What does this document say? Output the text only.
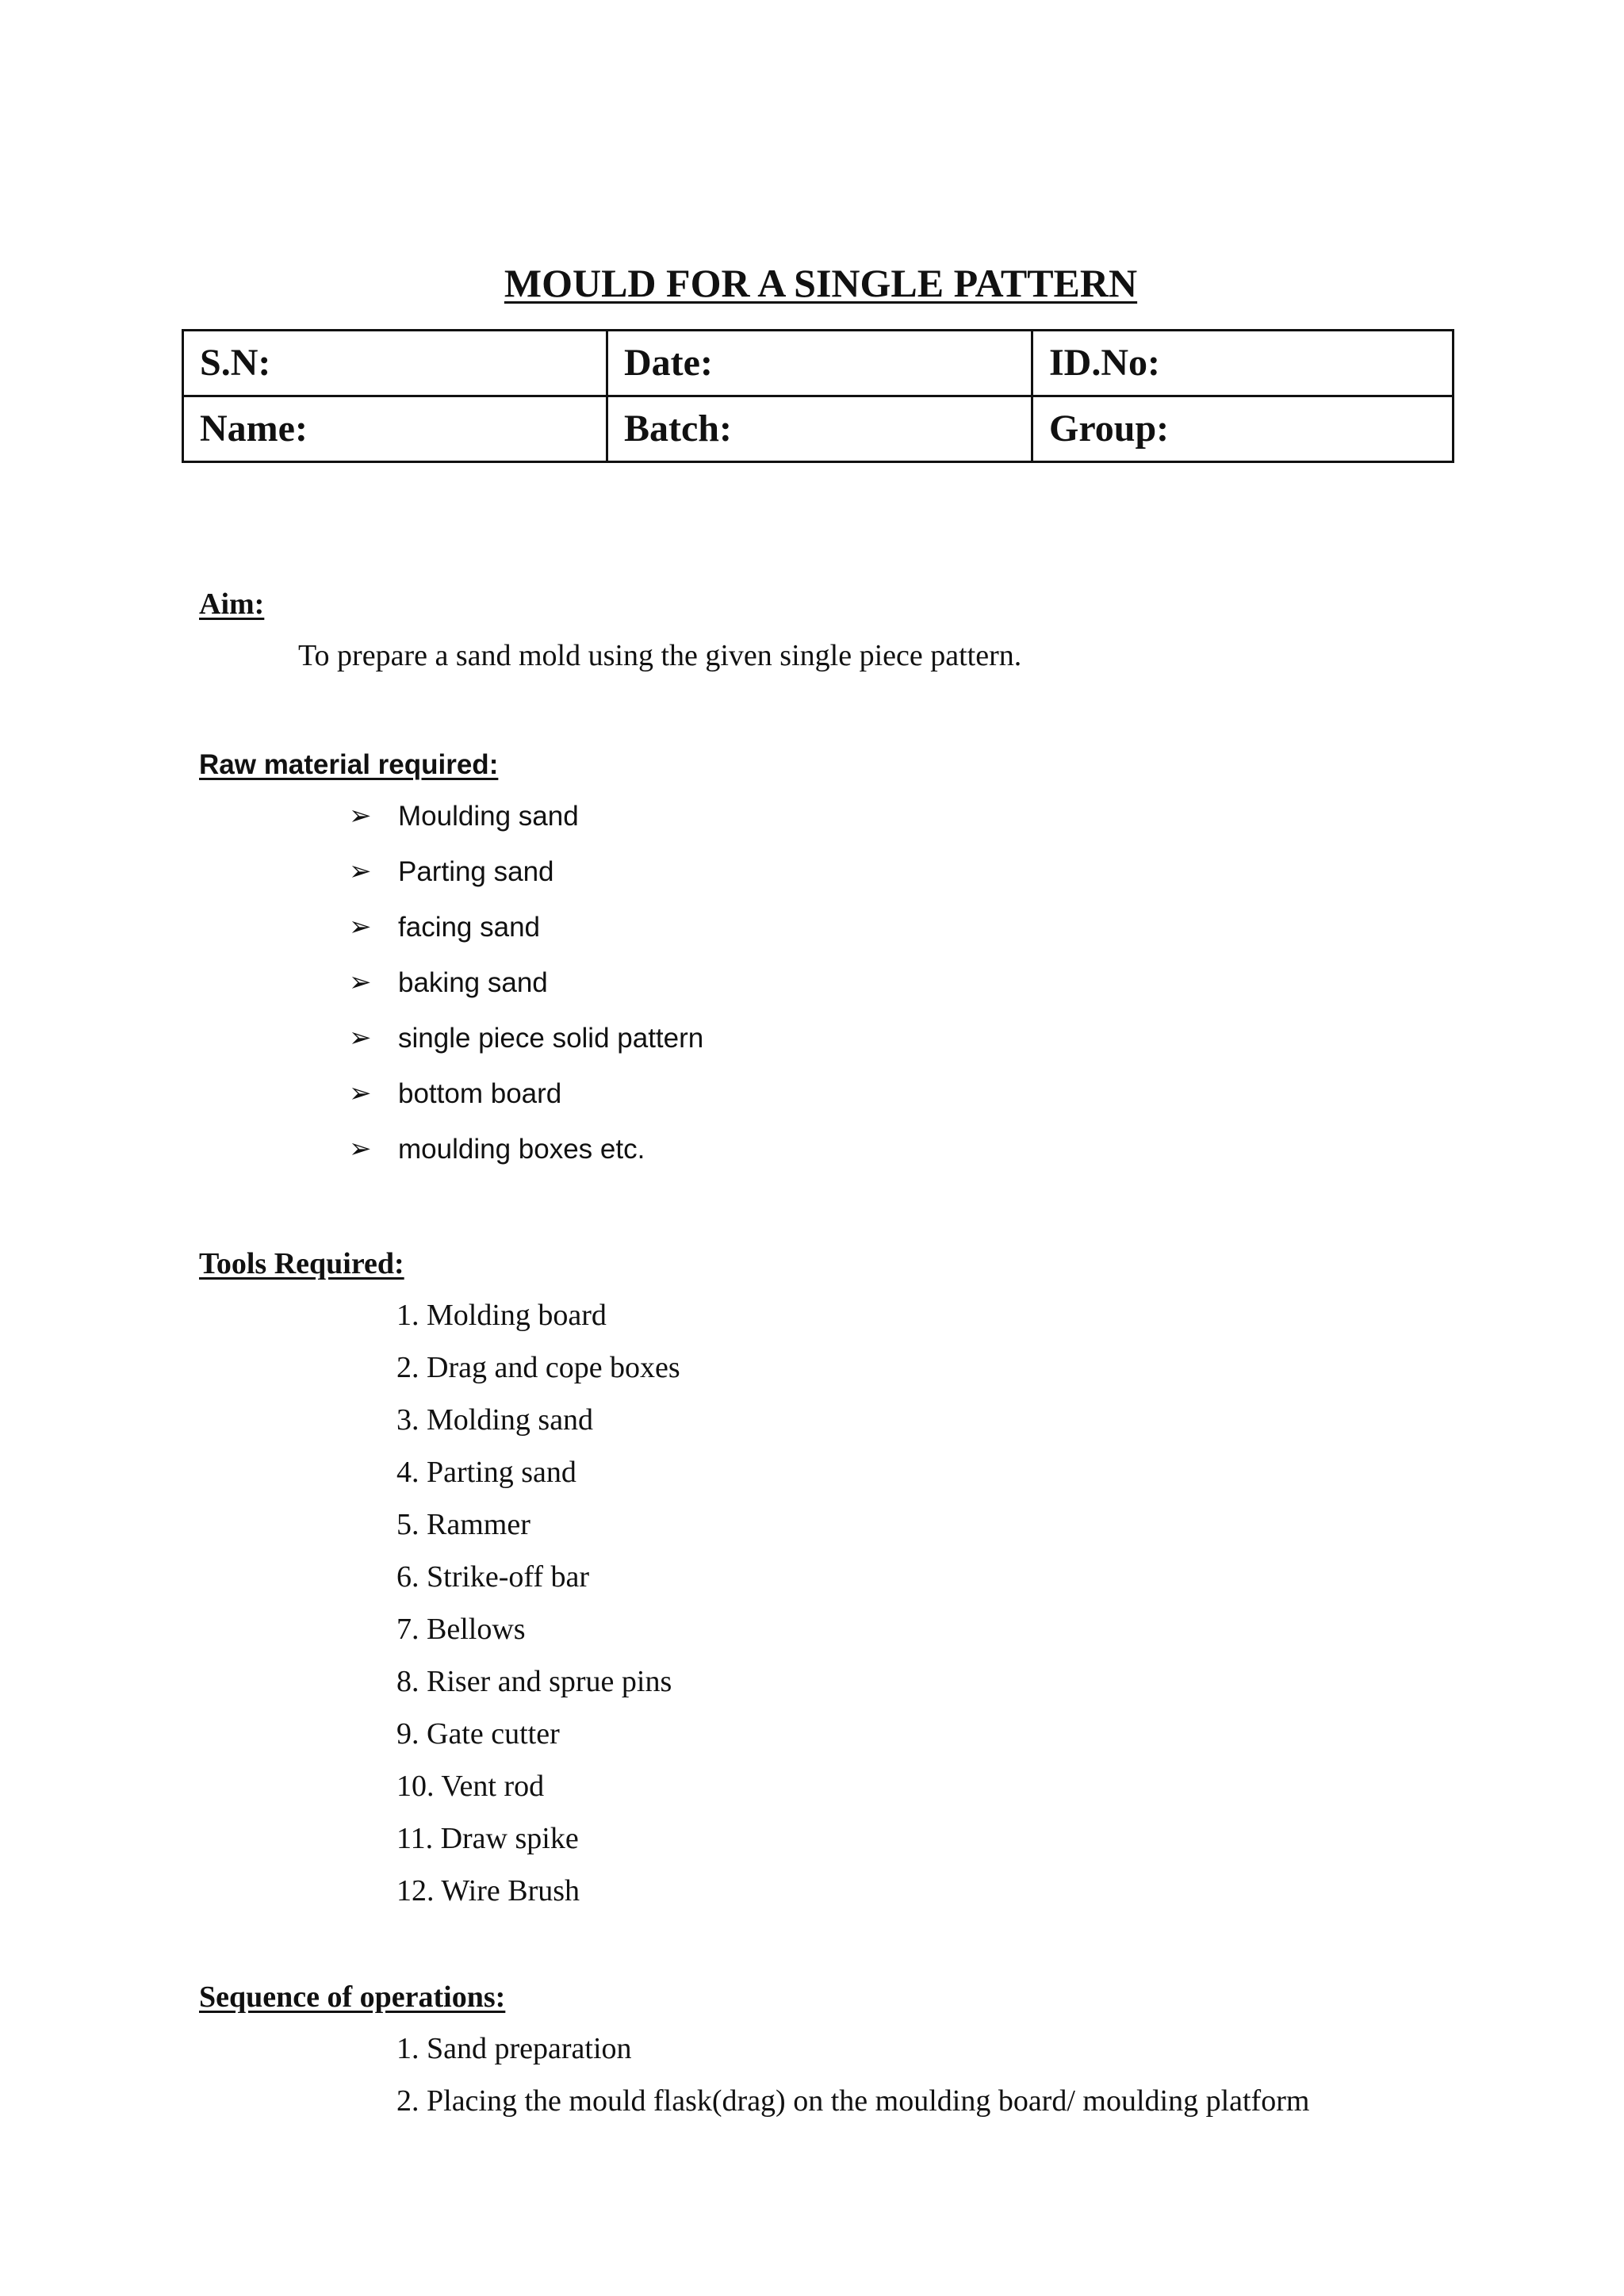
MOULD FOR A SINGLE PATTERN
S.N:	Date:	ID.No:
Name:	Batch:	Group:
Aim:

To prepare a sand mold using the given single piece pattern.

Raw material required:
➢ Moulding sand
➢ Parting sand
➢ facing sand
➢ baking sand
➢ single piece solid pattern
➢ bottom board
➢ moulding boxes etc.
Tools Required:
1. Molding board
2. Drag and cope boxes
3. Molding sand
4. Parting sand
5. Rammer
6. Strike-off bar
7. Bellows
8. Riser and sprue pins
9. Gate cutter
10. Vent rod
11. Draw spike
12. Wire Brush
Sequence of operations:
1. Sand preparation
2. Placing the mould flask(drag) on the moulding board/ moulding platform
